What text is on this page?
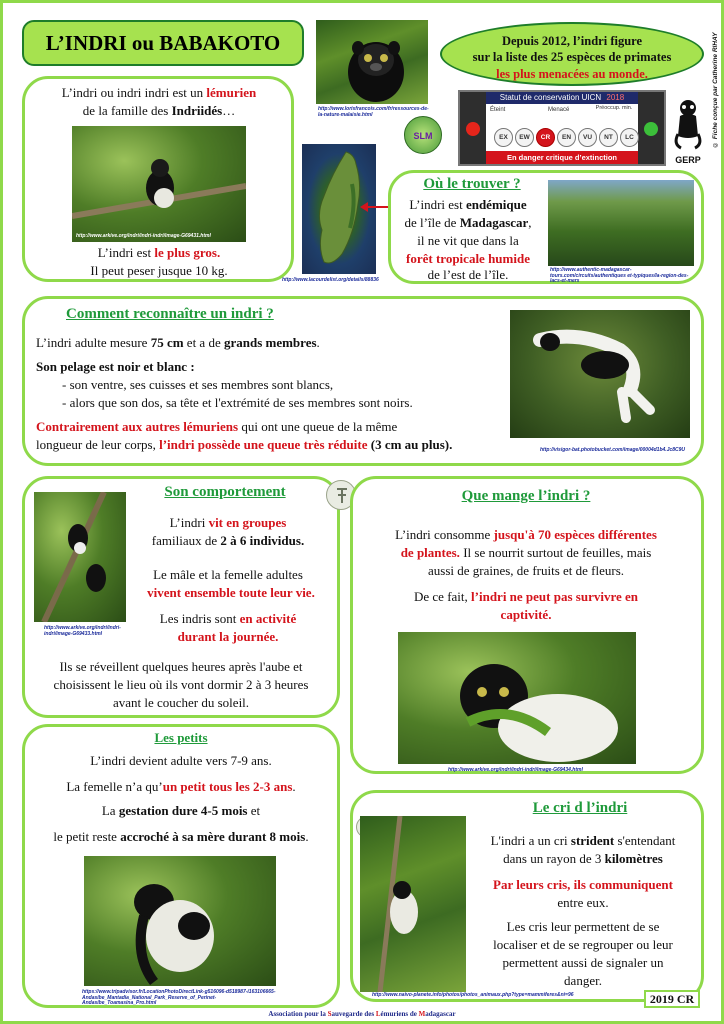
L’INDRI ou BABAKOTO
http://www.lorisfrancois.com/fr/ressources-de-la-nature-malaisie.html
Depuis 2012, l’indri figure
sur la liste des 25 espèces de primates
les plus menacées au monde.
Statut de conservation UICN 2018
Éteint	Menacé	Préoccup. min.
EX	EW	CR	EN	VU	NT	LC
En danger critique d’extinction	GERP
© Fiche conçue par Catherine RIHAY
L’indri ou indri indri est un lémurien
de la famille des Indriidés…
http://www.arkive.org/indri/indri-indri/image-G69431.html
L’indri est le plus gros.
Il peut peser jusque 10 kg.
http://www.lacourdelist.org/details/88836
SLM
Où le trouver ?
L’indri est endémique
de l’île de Madagascar,
il ne vit que dans la
forêt tropicale humide
de l’est de l’île.	http://www.authentic-madagascar-tours.com/circuits/authentiques et-typiques/la-region-des-lacs-et-mers
Comment reconnaître un indri ?
L’indri adulte mesure 75 cm et a de grands membres.
Son pelage est noir et blanc :
- son ventre, ses cuisses et ses membres sont blancs,
- alors que son dos, sa tête et l'extrémité de ses membres sont noirs.
Contrairement aux autres lémuriens qui ont une queue de la même
longueur de leur corps, l’indri possède une queue très réduite (3 cm au plus).	http://visigor-bat.photobucket.com/image/00004d1b4.Jc8C9U
Son comportement
http://www.arkive.org/indri/indri-indri/image-G69433.html
L’indri vit en groupes
familiaux de 2 à 6 individus.
Le mâle et la femelle adultes
vivent ensemble toute leur vie.
Les indris sont en activité
durant la journée.
Ils se réveillent quelques heures après l'aube et
choisissent le lieu où ils vont dormir 2 à 3 heures
avant le coucher du soleil.
Que mange l’indri ?
L’indri consomme jusqu'à 70 espèces différentes
de plantes. Il se nourrit surtout de feuilles, mais
aussi de graines, de fruits et de fleurs.
De ce fait, l’indri ne peut pas survivre en
captivité.
http://www.arkive.org/indri/indri-indri/image-G69434.html
Les petits
L’indri devient adulte vers 7-9 ans.
La femelle n’a qu’un petit tous les 2-3 ans.
La gestation dure 4-5 mois et
le petit reste accroché à sa mère durant 8 mois.
https://www.tripadvisor.fr/LocationPhotoDirectLink-g516096-d518987-i163106665-Andasibe_Mantadia_National_Park_Reserve_of_Perinet-Andasibe_Toamasina_Pro.html
Le cri d l’indri
http://www.naivo-planete.info/photos/photos_animaux.php?type=mammiferes&ni=96
L'indri a un cri strident s'entendant
dans un rayon de 3 kilomètres
Par leurs cris, ils communiquent
entre eux.
Les cris leur permettent de se
localiser et de se regrouper ou leur
permettent aussi de signaler un
danger.
2019 CR
Association pour la Sauvegarde des Lémuriens de Madagascar
